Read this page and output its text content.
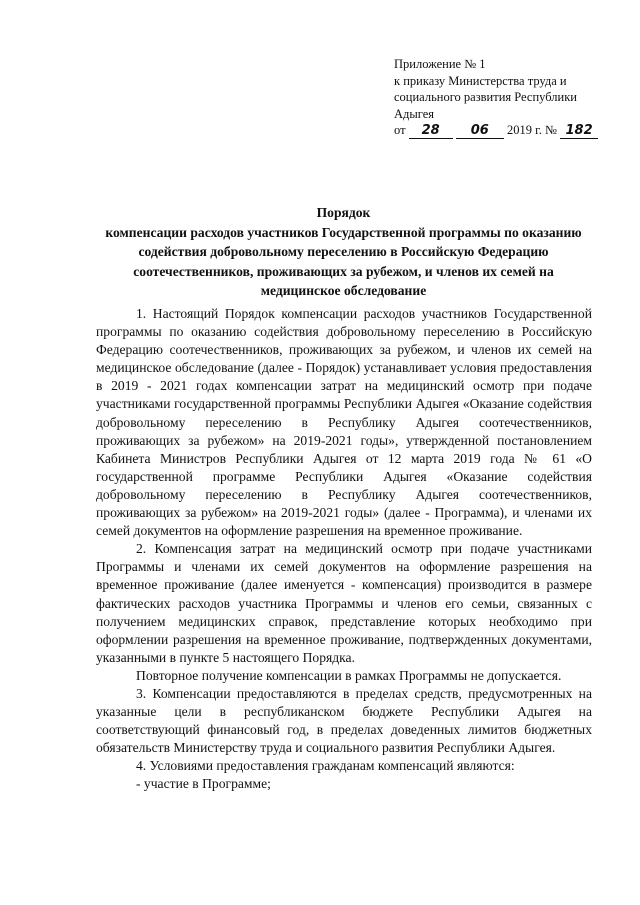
Приложение № 1
к приказу Министерства труда и
социального развития Республики
Адыгея
от 28 06 2019 г. № 182
Порядок
компенсации расходов участников Государственной программы по оказанию содействия добровольному переселению в Российскую Федерацию соотечественников, проживающих за рубежом, и членов их семей на медицинское обследование

1. Настоящий Порядок компенсации расходов участников Государственной программы по оказанию содействия добровольному переселению в Российскую Федерацию соотечественников, проживающих за рубежом, и членов их семей на медицинское обследование (далее - Порядок) устанавливает условия предоставления в 2019 - 2021 годах компенсации затрат на медицинский осмотр при подаче участниками государственной программы Республики Адыгея «Оказание содействия добровольному переселению в Республику Адыгея соотечественников, проживающих за рубежом» на 2019-2021 годы», утвержденной постановлением Кабинета Министров Республики Адыгея от 12 марта 2019 года № 61 «О государственной программе Республики Адыгея «Оказание содействия добровольному переселению в Республику Адыгея соотечественников, проживающих за рубежом» на 2019-2021 годы» (далее - Программа), и членами их семей документов на оформление разрешения на временное проживание.

2. Компенсация затрат на медицинский осмотр при подаче участниками Программы и членами их семей документов на оформление разрешения на временное проживание (далее именуется - компенсация) производится в размере фактических расходов участника Программы и членов его семьи, связанных с получением медицинских справок, представление которых необходимо при оформлении разрешения на временное проживание, подтвержденных документами, указанными в пункте 5 настоящего Порядка.

Повторное получение компенсации в рамках Программы не допускается.

3. Компенсации предоставляются в пределах средств, предусмотренных на указанные цели в республиканском бюджете Республики Адыгея на соответствующий финансовый год, в пределах доведенных лимитов бюджетных обязательств Министерству труда и социального развития Республики Адыгея.

4. Условиями предоставления гражданам компенсаций являются:

- участие в Программе;
